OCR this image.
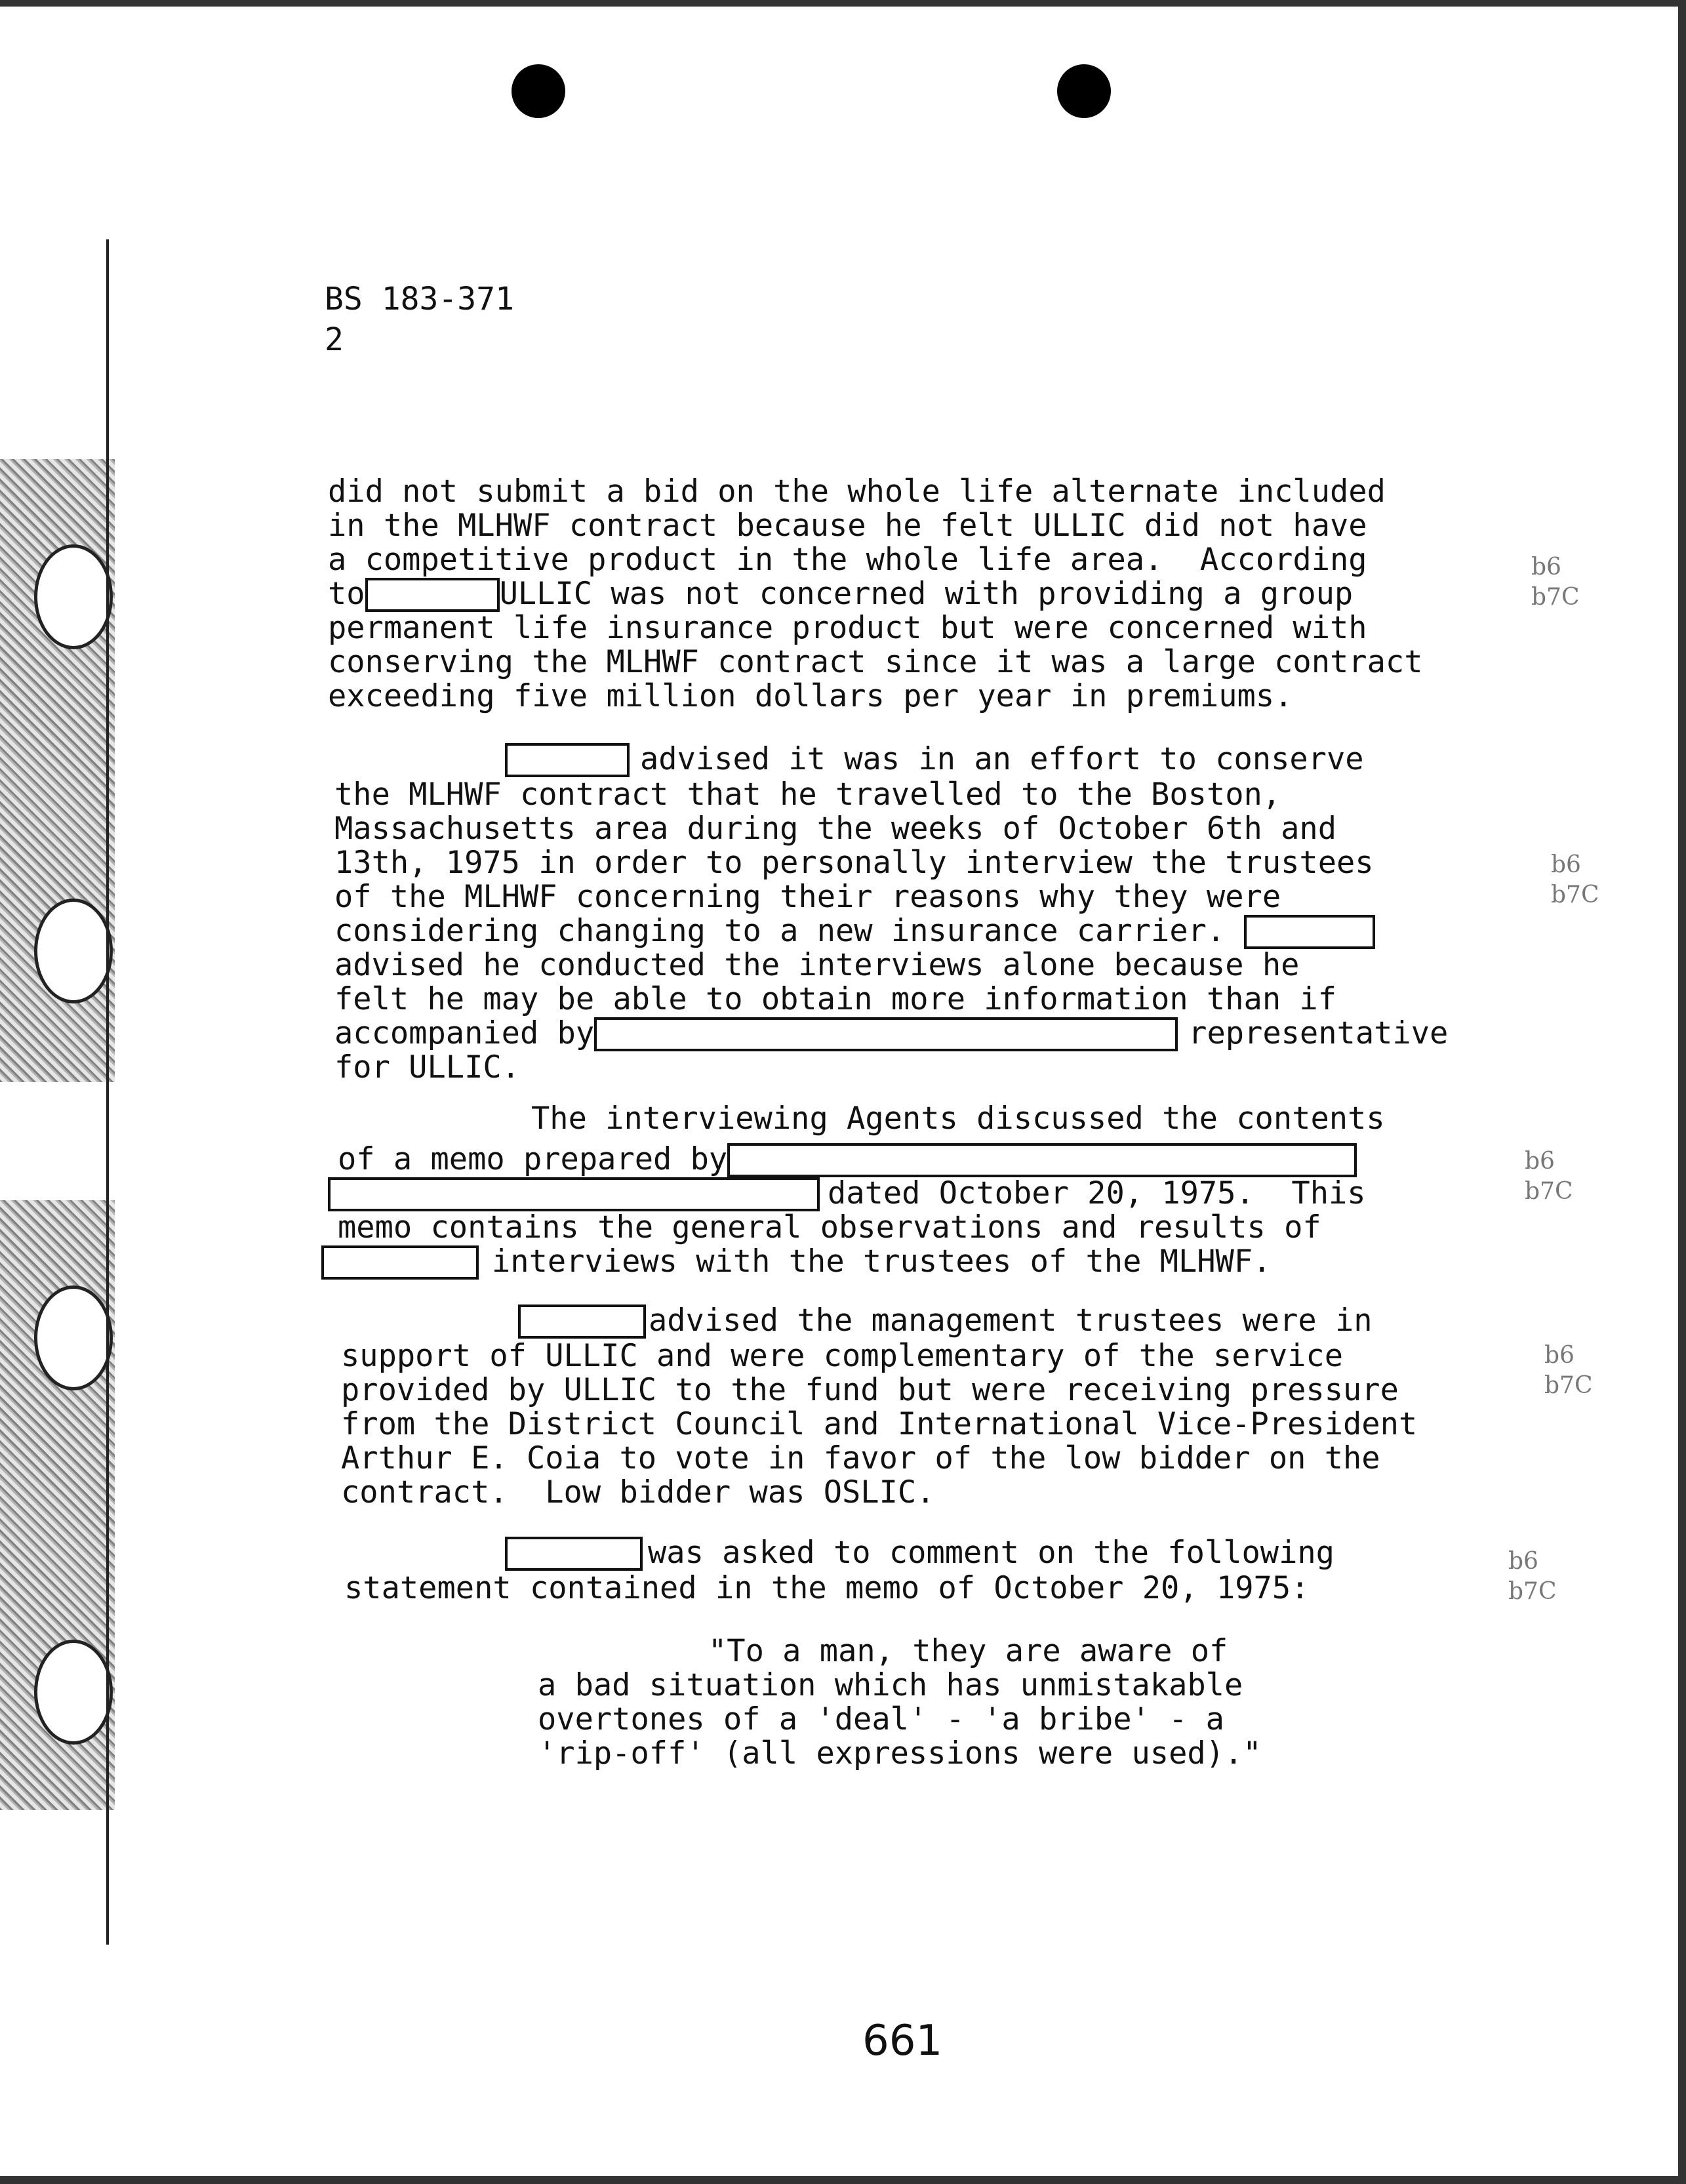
BS 183-371
2
did not submit a bid on the whole life alternate included
in the MLHWF contract because he felt ULLIC did not have
a competitive product in the whole life area.  According
to	ULLIC was not concerned with providing a group
permanent life insurance product but were concerned with
conserving the MLHWF contract since it was a large contract
exceeding five million dollars per year in premiums.
advised it was in an effort to conserve
the MLHWF contract that he travelled to the Boston,
Massachusetts area during the weeks of October 6th and
13th, 1975 in order to personally interview the trustees
of the MLHWF concerning their reasons why they were
considering changing to a new insurance carrier.
advised he conducted the interviews alone because he
felt he may be able to obtain more information than if
accompanied by	representative
for ULLIC.
The interviewing Agents discussed the contents
of a memo prepared by
dated October 20, 1975.  This
memo contains the general observations and results of
interviews with the trustees of the MLHWF.
advised the management trustees were in
support of ULLIC and were complementary of the service
provided by ULLIC to the fund but were receiving pressure
from the District Council and International Vice-President
Arthur E. Coia to vote in favor of the low bidder on the
contract.  Low bidder was OSLIC.
was asked to comment on the following
statement contained in the memo of October 20, 1975:
"To a man, they are aware of
a bad situation which has unmistakable
overtones of a 'deal' - 'a bribe' - a
'rip-off' (all expressions were used)."
b6
b7C
b6
b7C
b6
b7C
b6
b7C
b6
b7C
661
